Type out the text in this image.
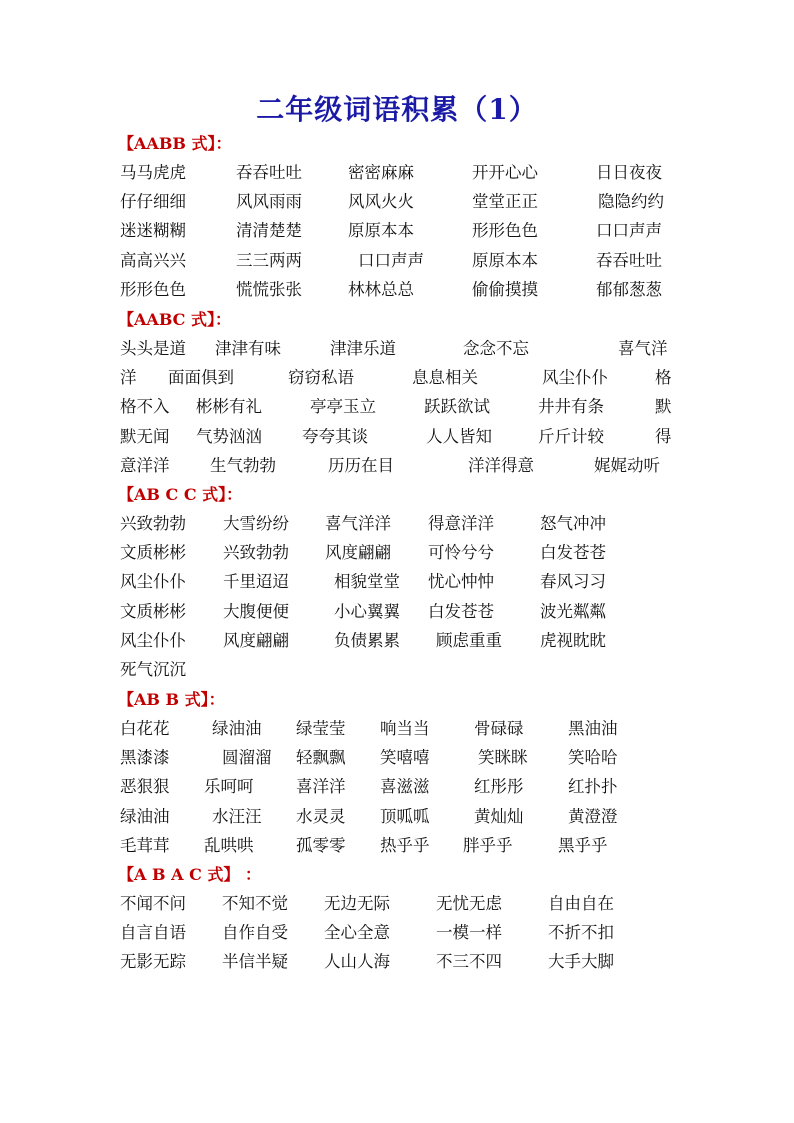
二年级词语积累（1）
【AABB 式】：
马马虎虎	吞吞吐吐	密密麻麻	开开心心	日日夜夜
仔仔细细	风风雨雨	风风火火	堂堂正正	隐隐约约
迷迷糊糊	清清楚楚	原原本本	形形色色	口口声声
高高兴兴	三三两两	口口声声	原原本本	吞吞吐吐
形形色色	慌慌张张	林林总总	偷偷摸摸	郁郁葱葱
【AABC 式】：
头头是道 津津有味	津津乐道	念念不忘	喜气洋
洋 面面俱到	窃窃私语	息息相关	风尘仆仆	格
格不入 彬彬有礼	亭亭玉立	跃跃欲试	井井有条	默
默无闻 气势汹汹 夸夸其谈	人人皆知	斤斤计较	得
意洋洋 生气勃勃	历历在目	洋洋得意	娓娓动听
【AB C C 式】：
兴致勃勃 大雪纷纷 喜气洋洋 得意洋洋	怒气冲冲
文质彬彬 兴致勃勃 风度翩翩 可怜兮兮	白发苍苍
风尘仆仆 千里迢迢	相貌堂堂 忧心忡忡	春风习习
文质彬彬 大腹便便	小心翼翼 白发苍苍	波光粼粼
风尘仆仆 风度翩翩	负债累累 顾虑重重 虎视眈眈
死气沉沉
【AB B 式】：
白花花	绿油油 绿莹莹 响当当	骨碌碌	黑油油
黑漆漆	圆溜溜 轻飘飘 笑嘻嘻	笑眯眯 笑哈哈
恶狠狠 乐呵呵	喜洋洋 喜滋滋	红彤彤	红扑扑
绿油油	水汪汪 水灵灵 顶呱呱	黄灿灿	黄澄澄
毛茸茸 乱哄哄	孤零零 热乎乎 胖乎乎	黑乎乎
【A B A C 式】 ：
不闻不问 不知不觉 无边无际	无忧无虑	自由自在
自言自语 自作自受 全心全意	一模一样	不折不扣
无影无踪 半信半疑 人山人海	不三不四	大手大脚
